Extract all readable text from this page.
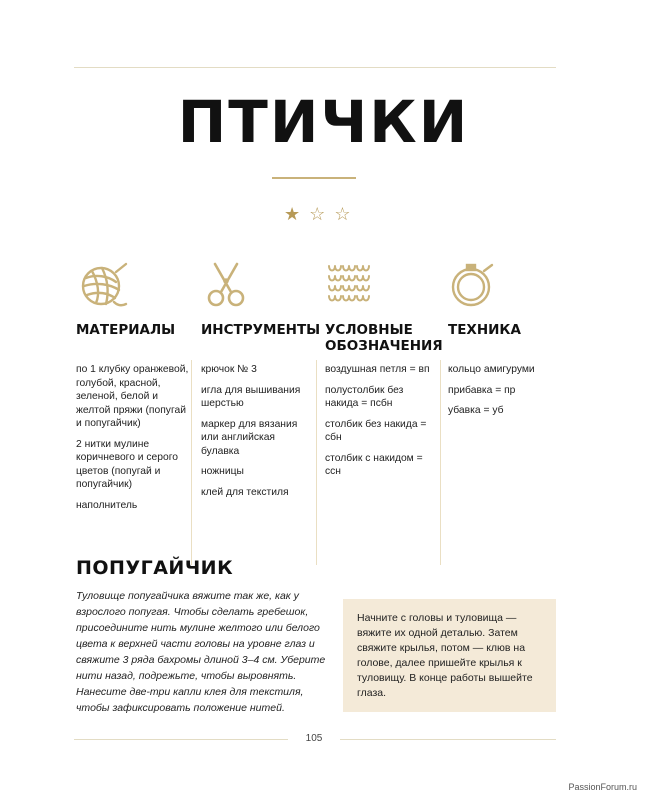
ПТИЧКИ
★ ☆ ☆
МАТЕРИАЛЫ
по 1 клубку оранжевой, голубой, красной, зеленой, белой и желтой пряжи (попугай и попугайчик)
2 нитки мулине коричневого и серого цветов (попугай и попугайчик)
наполнитель
ИНСТРУМЕНТЫ
крючок № 3
игла для вышивания шерстью
маркер для вязания или английская булавка
ножницы
клей для текстиля
УСЛОВНЫЕ ОБОЗНАЧЕНИЯ
воздушная петля = вп
полустолбик без накида = псбн
столбик без накида = сбн
столбик с накидом = ссн
ТЕХНИКА
кольцо амигуруми
прибавка = пр
убавка = уб
ПОПУГАЙЧИК

Туловище попугайчика вяжите так же, как у взрослого попугая. Чтобы сделать гребешок, присоедините нить мулине желтого или белого цвета к верхней части головы на уровне глаз и свяжите 3 ряда бахромы длиной 3–4 см. Уберите нити назад, подрежьте, чтобы выровнять. Нанесите две-три капли клея для текстиля, чтобы зафиксировать положение нитей.

Начните с головы и туловища — вяжите их одной деталью. Затем свяжите крылья, потом — клюв на голове, далее пришейте крылья к туловищу. В конце работы вышейте глаза.

105
PassionForum.ru
